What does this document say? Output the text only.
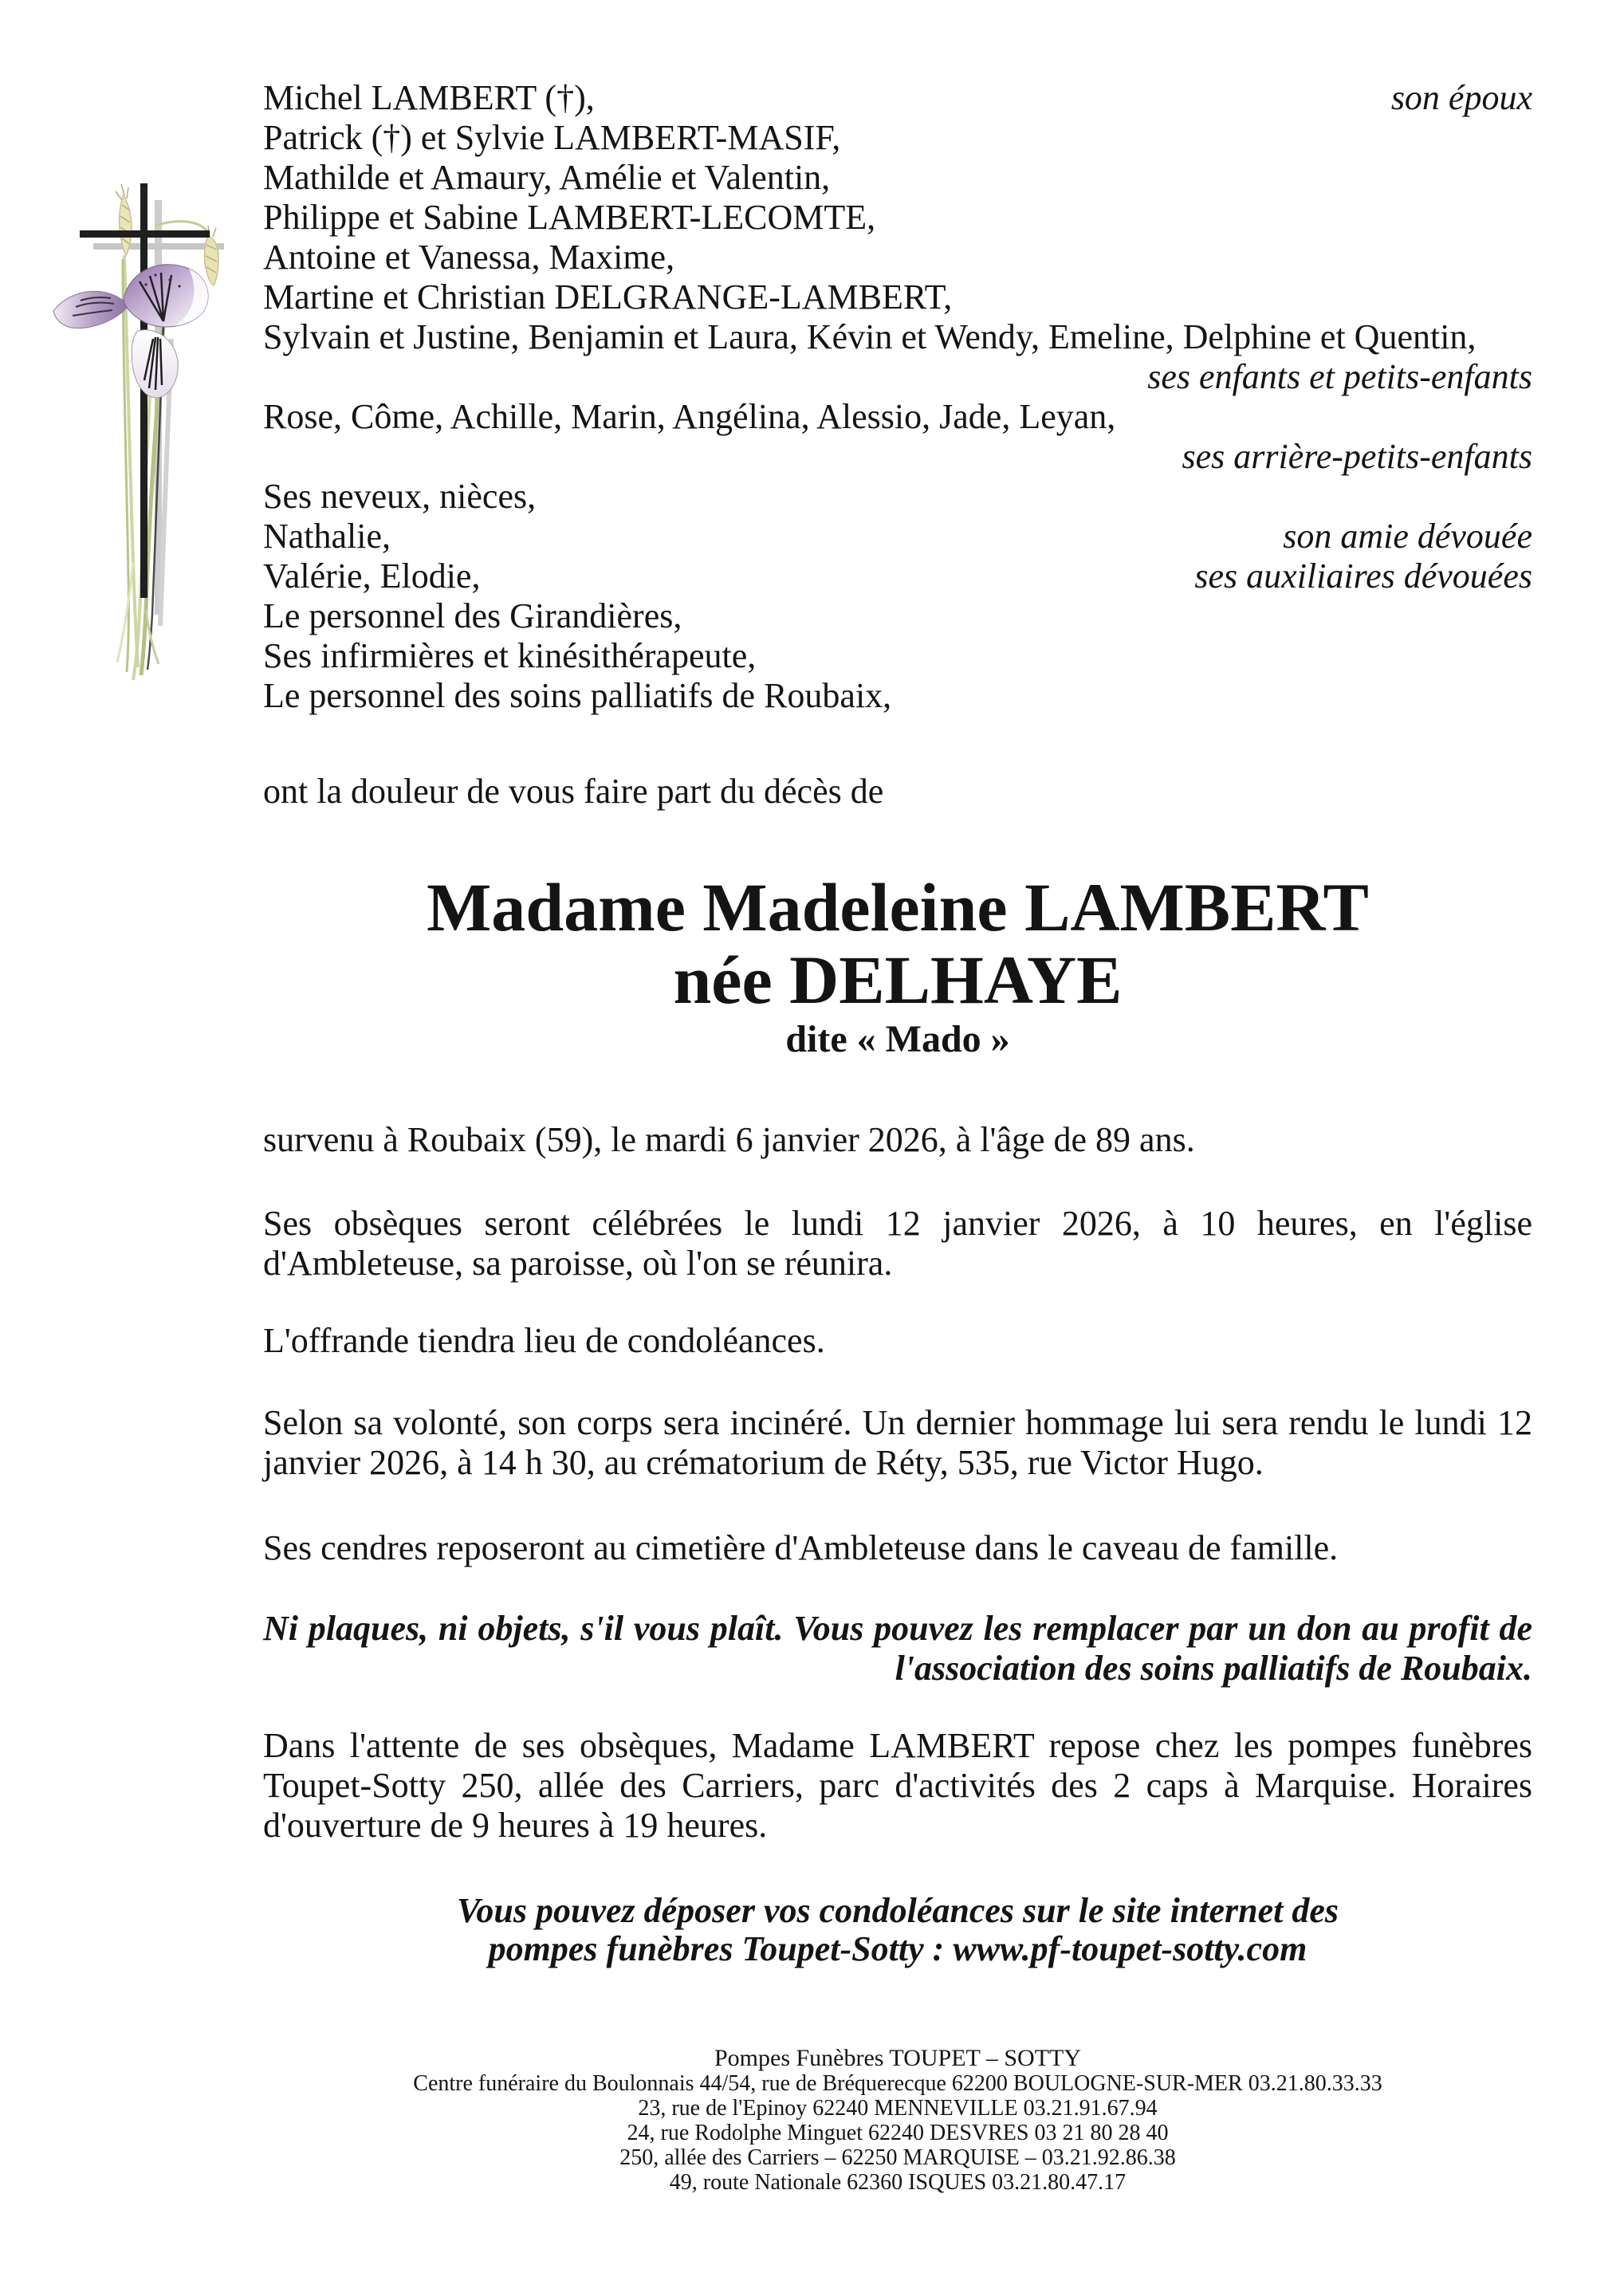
Michel LAMBERT (†),	son époux
Patrick (†) et Sylvie LAMBERT-MASIF,
Mathilde et Amaury, Amélie et Valentin,
Philippe et Sabine LAMBERT-LECOMTE,
Antoine et Vanessa, Maxime,
Martine et Christian DELGRANGE-LAMBERT,
Sylvain et Justine, Benjamin et Laura, Kévin et Wendy, Emeline, Delphine et Quentin,
ses enfants et petits-enfants
Rose, Côme, Achille, Marin, Angélina, Alessio, Jade, Leyan,
ses arrière-petits-enfants
Ses neveux, nièces,
Nathalie,	son amie dévouée
Valérie, Elodie,	ses auxiliaires dévouées
Le personnel des Girandières,
Ses infirmières et kinésithérapeute,
Le personnel des soins palliatifs de Roubaix,
ont la douleur de vous faire part du décès de
Madame Madeleine LAMBERT
née DELHAYE
dite « Mado »
survenu à Roubaix (59), le mardi 6 janvier 2026, à l'âge de 89 ans.
Ses obsèques seront célébrées le lundi 12 janvier 2026, à 10 heures, en l'église
d'Ambleteuse, sa paroisse, où l'on se réunira.
L'offrande tiendra lieu de condoléances.
Selon sa volonté, son corps sera incinéré. Un dernier hommage lui sera rendu le lundi 12
janvier 2026, à 14 h 30, au crématorium de Réty, 535, rue Victor Hugo.
Ses cendres reposeront au cimetière d'Ambleteuse dans le caveau de famille.
Ni plaques, ni objets, s'il vous plaît. Vous pouvez les remplacer par un don au profit de
l'association des soins palliatifs de Roubaix.
Dans l'attente de ses obsèques, Madame LAMBERT repose chez les pompes funèbres
Toupet-Sotty 250, allée des Carriers, parc d'activités des 2 caps à Marquise. Horaires
d'ouverture de 9 heures à 19 heures.
Vous pouvez déposer vos condoléances sur le site internet des
pompes funèbres Toupet-Sotty : www.pf-toupet-sotty.com
Pompes Funèbres TOUPET – SOTTY
Centre funéraire du Boulonnais 44/54, rue de Bréquerecque 62200 BOULOGNE-SUR-MER 03.21.80.33.33
23, rue de l'Epinoy 62240 MENNEVILLE 03.21.91.67.94
24, rue Rodolphe Minguet 62240 DESVRES 03 21 80 28 40
250, allée des Carriers – 62250 MARQUISE – 03.21.92.86.38
49, route Nationale 62360 ISQUES 03.21.80.47.17
